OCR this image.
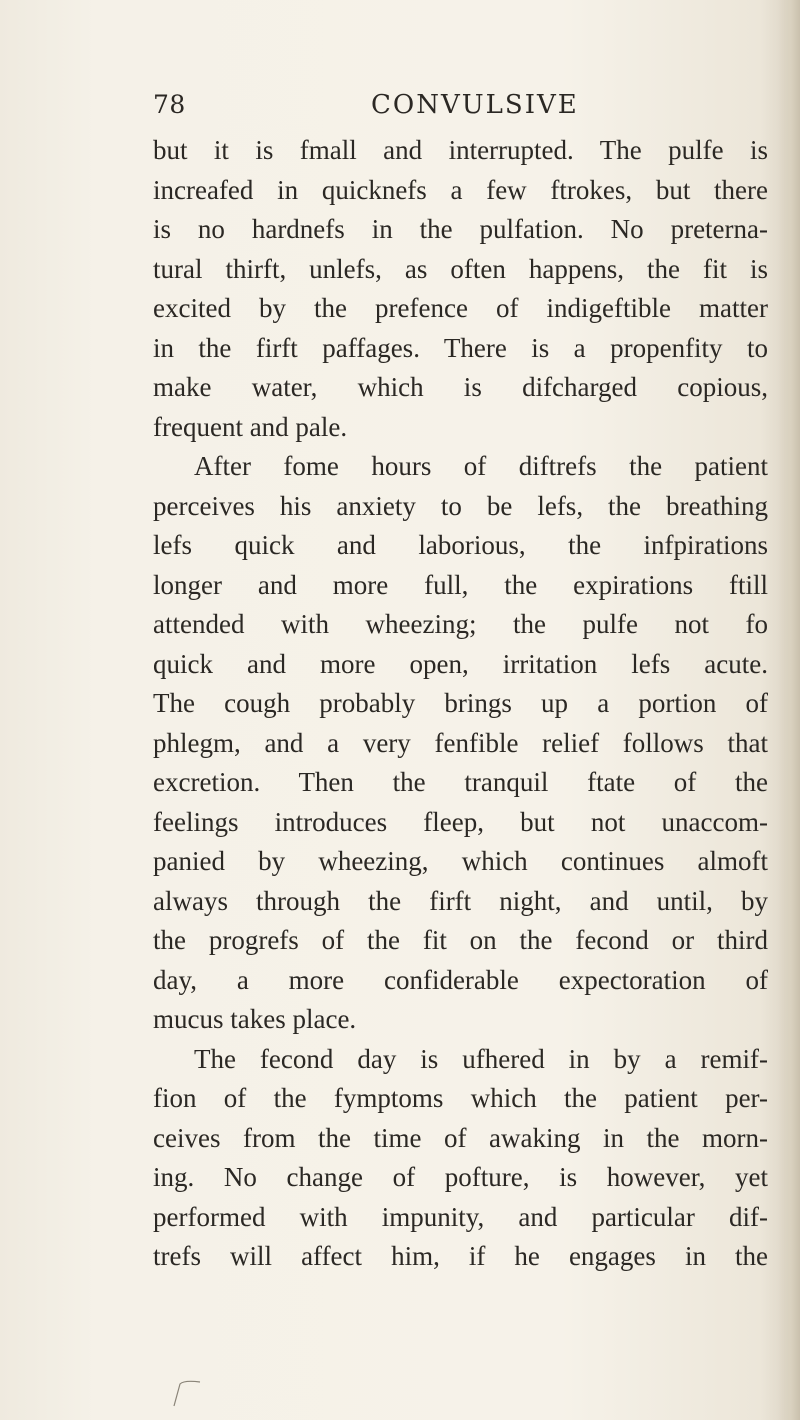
78	CONVULSIVE
but it is fmall and interrupted. The pulfe is
increafed in quicknefs a few ftrokes, but there
is no hardnefs in the pulfation. No preterna-
tural thirft, unlefs, as often happens, the fit is
excited by the prefence of indigeftible matter
in the firft paffages. There is a propenfity to
make water, which is difcharged copious,
frequent and pale.
After fome hours of diftrefs the patient
perceives his anxiety to be lefs, the breathing
lefs quick and laborious, the infpirations
longer and more full, the expirations ftill
attended with wheezing; the pulfe not fo
quick and more open, irritation lefs acute.
The cough probably brings up a portion of
phlegm, and a very fenfible relief follows that
excretion. Then the tranquil ftate of the
feelings introduces fleep, but not unaccom-
panied by wheezing, which continues almoft
always through the firft night, and until, by
the progrefs of the fit on the fecond or third
day, a more confiderable expectoration of
mucus takes place.
The fecond day is ufhered in by a remif-
fion of the fymptoms which the patient per-
ceives from the time of awaking in the morn-
ing. No change of pofture, is however, yet
performed with impunity, and particular dif-
trefs will affect him, if he engages in the
